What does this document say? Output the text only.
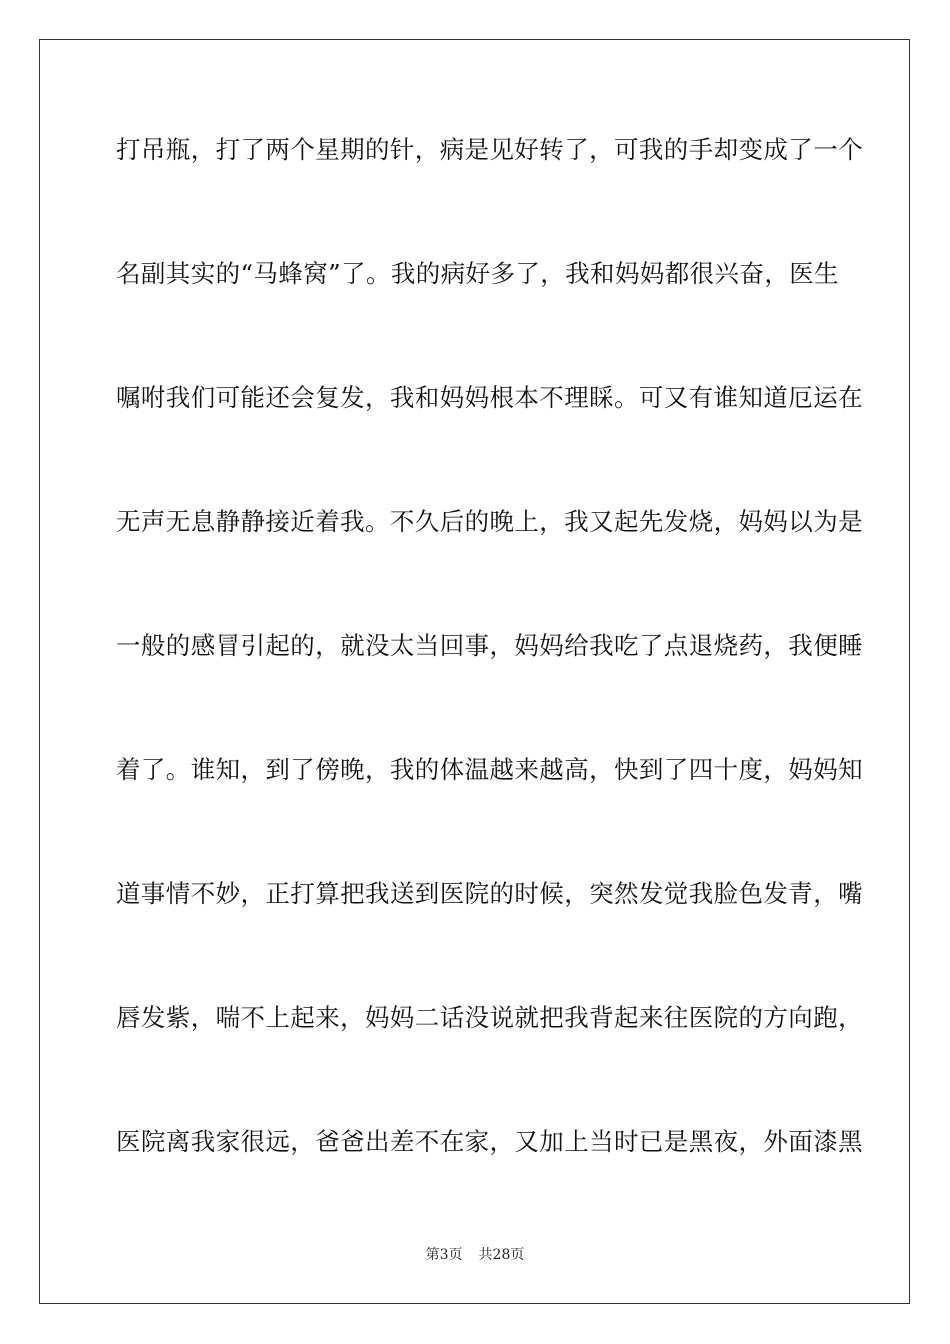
打吊瓶，打了两个星期的针，病是见好转了，可我的手却变成了一个
名副其实的“马蜂窝”了。我的病好多了，我和妈妈都很兴奋，医生
嘱咐我们可能还会复发，我和妈妈根本不理睬。可又有谁知道厄运在
无声无息静静接近着我。不久后的晚上，我又起先发烧，妈妈以为是
一般的感冒引起的，就没太当回事，妈妈给我吃了点退烧药，我便睡
着了。谁知，到了傍晚，我的体温越来越高，快到了四十度，妈妈知
道事情不妙，正打算把我送到医院的时候，突然发觉我脸色发青，嘴
唇发紫，喘不上起来，妈妈二话没说就把我背起来往医院的方向跑，
医院离我家很远，爸爸出差不在家，又加上当时已是黑夜，外面漆黑
第3页 共28页
